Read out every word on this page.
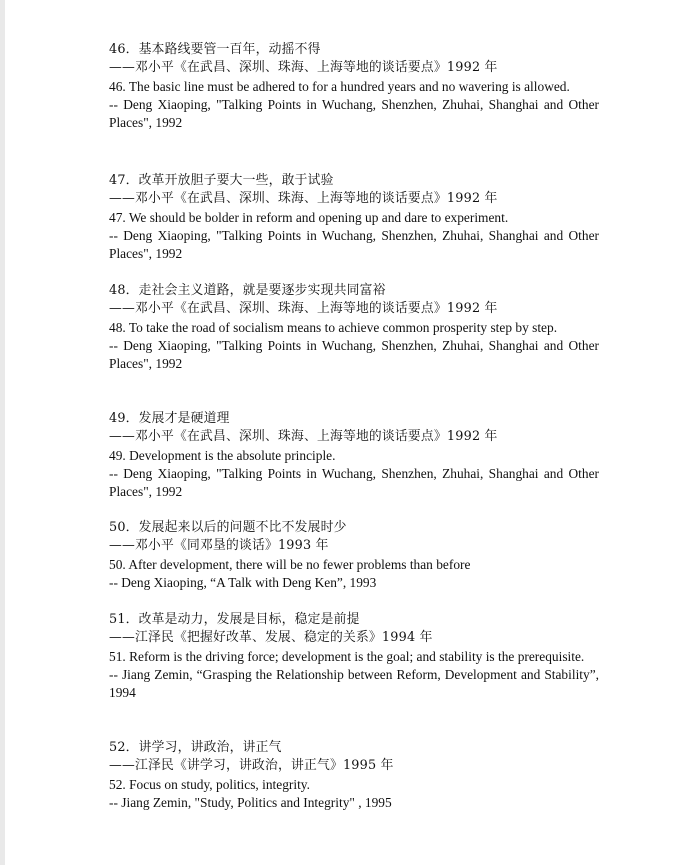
46．基本路线要管一百年，动摇不得

——邓小平《在武昌、深圳、珠海、上海等地的谈话要点》1992 年

46. The basic line must be adhered to for a hundred years and no wavering is allowed.

-- Deng Xiaoping, "Talking Points in Wuchang, Shenzhen, Zhuhai, Shanghai and Other Places", 1992

47．改革开放胆子要大一些，敢于试验

——邓小平《在武昌、深圳、珠海、上海等地的谈话要点》1992 年

47. We should be bolder in reform and opening up and dare to experiment.

-- Deng Xiaoping, "Talking Points in Wuchang, Shenzhen, Zhuhai, Shanghai and Other Places", 1992

48．走社会主义道路，就是要逐步实现共同富裕

——邓小平《在武昌、深圳、珠海、上海等地的谈话要点》1992 年

48. To take the road of socialism means to achieve common prosperity step by step.

-- Deng Xiaoping, "Talking Points in Wuchang, Shenzhen, Zhuhai, Shanghai and Other Places", 1992

49．发展才是硬道理

——邓小平《在武昌、深圳、珠海、上海等地的谈话要点》1992 年

49. Development is the absolute principle.

-- Deng Xiaoping, "Talking Points in Wuchang, Shenzhen, Zhuhai, Shanghai and Other Places", 1992

50．发展起来以后的问题不比不发展时少

——邓小平《同邓垦的谈话》1993 年

50. After development, there will be no fewer problems than before

-- Deng Xiaoping, “A Talk with Deng Ken”, 1993

51．改革是动力，发展是目标，稳定是前提

——江泽民《把握好改革、发展、稳定的关系》1994 年

51. Reform is the driving force; development is the goal; and stability is the prerequisite.

-- Jiang Zemin, “Grasping the Relationship between Reform, Development and Stability”, 1994

52．讲学习，讲政治，讲正气

——江泽民《讲学习，讲政治，讲正气》1995 年

52. Focus on study, politics, integrity.

-- Jiang Zemin, "Study, Politics and Integrity" , 1995
